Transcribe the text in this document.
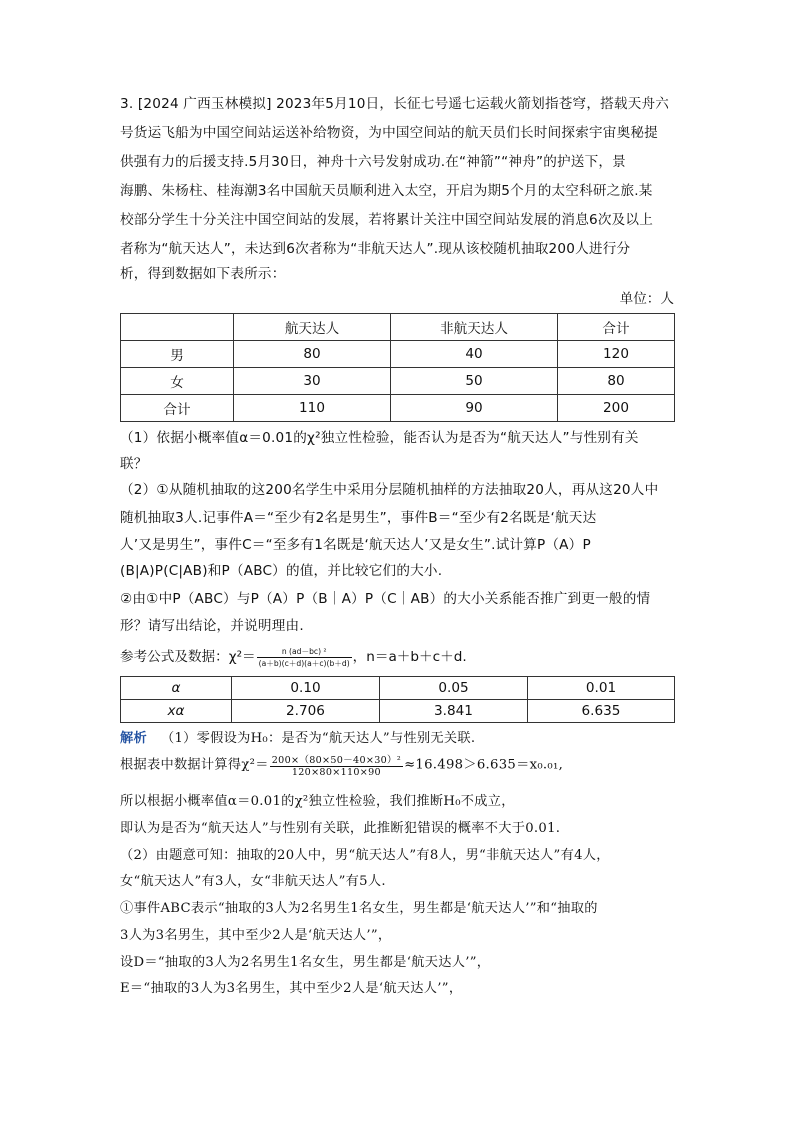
3. [2024 广西玉林模拟] 2023年5月10日，长征七号遥七运载火箭划指苍穹，搭载天舟六
号货运飞船为中国空间站运送补给物资，为中国空间站的航天员们长时间探索宇宙奥秘提
供强有力的后援支持.5月30日，神舟十六号发射成功.在“神箭”“神舟”的护送下，景
海鹏、朱杨柱、桂海潮3名中国航天员顺利进入太空，开启为期5个月的太空科研之旅.某
校部分学生十分关注中国空间站的发展，若将累计关注中国空间站发展的消息6次及以上
者称为“航天达人”，未达到6次者称为“非航天达人”.现从该校随机抽取200人进行分
析，得到数据如下表所示：
单位：人
	航天达人	非航天达人	合计
男	80	40	120
女	30	50	80
合计	110	90	200
（1）依据小概率值α＝0.01的χ²独立性检验，能否认为是否为“航天达人”与性别有关
联？
（2）①从随机抽取的这200名学生中采用分层随机抽样的方法抽取20人，再从这20人中
随机抽取3人.记事件A＝“至少有2名是男生”，事件B＝“至少有2名既是‘航天达
人’又是男生”，事件C＝“至多有1名既是‘航天达人’又是女生”.试计算P（A）P
(B|A)P(C|AB)和P（ABC）的值，并比较它们的大小.
②由①中P（ABC）与P（A）P（B｜A）P（C｜AB）的大小关系能否推广到更一般的情
形？请写出结论，并说明理由.
参考公式及数据：$\chi^2= \frac{\text{n (ad－bc) ²}}{(a+b)(c+d)(a+c)(b+d)}$ ，n＝a＋b＋c＋d.
α	0.10	0.05	0.01
xα	2.706	3.841	6.635
解析 （1）零假设为H₀：是否为“航天达人”与性别无关联.
根据表中数据计算得$\chi^2= \frac{\text{200×（80×50－40×30）²}}{120\times 80\times 110\times 90} \approx 16.498>6.635=x_0._{01}$,
所以根据小概率值α＝0.01的χ²独立性检验，我们推断H₀不成立，
即认为是否为“航天达人”与性别有关联，此推断犯错误的概率不大于0.01.
（2）由题意可知：抽取的20人中，男“航天达人”有8人，男“非航天达人”有4人，
女“航天达人”有3人，女“非航天达人”有5人.
①事件ABC表示“抽取的3人为2名男生1名女生，男生都是‘航天达人’”和“抽取的
3人为3名男生，其中至少2人是‘航天达人’”，
设D＝“抽取的3人为2名男生1名女生，男生都是‘航天达人’”，
E＝“抽取的3人为3名男生，其中至少2人是‘航天达人’”，
